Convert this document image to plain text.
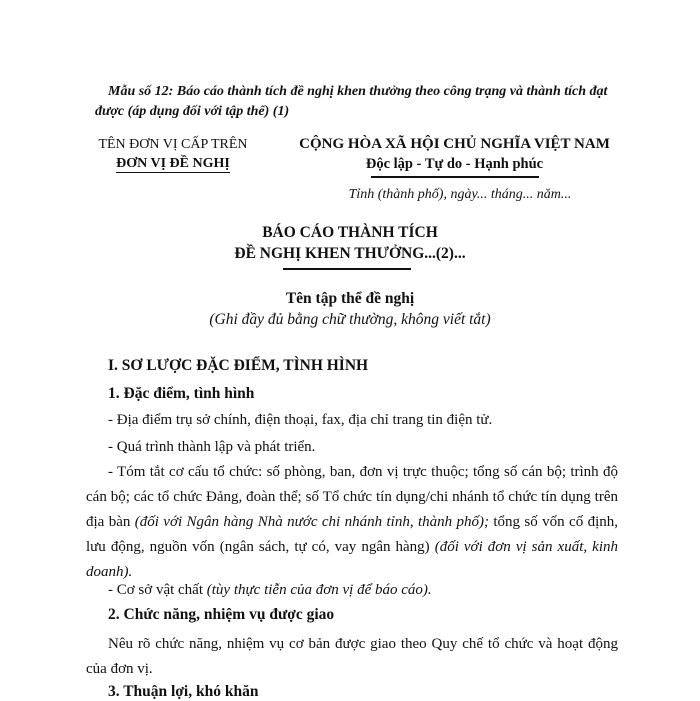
Mẫu số 12: Báo cáo thành tích đề nghị khen thưởng theo công trạng và thành tích đạt được (áp dụng đối với tập thể) (1)
TÊN ĐƠN VỊ CẤP TRÊN
ĐƠN VỊ ĐỀ NGHỊ
CỘNG HÒA XÃ HỘI CHỦ NGHĨA VIỆT NAM
Độc lập - Tự do - Hạnh phúc
Tỉnh (thành phố), ngày... tháng... năm...
BÁO CÁO THÀNH TÍCH
ĐỀ NGHỊ KHEN THƯỞNG...(2)...
Tên tập thể đề nghị
(Ghi đầy đủ bằng chữ thường, không viết tắt)
I. SƠ LƯỢC ĐẶC ĐIỂM, TÌNH HÌNH
1. Đặc điểm, tình hình
- Địa điểm trụ sở chính, điện thoại, fax, địa chỉ trang tin điện tử.
- Quá trình thành lập và phát triển.
- Tóm tắt cơ cấu tổ chức: số phòng, ban, đơn vị trực thuộc; tổng số cán bộ; trình độ cán bộ; các tổ chức Đảng, đoàn thể; số Tổ chức tín dụng/chi nhánh tổ chức tín dụng trên địa bàn (đối với Ngân hàng Nhà nước chi nhánh tỉnh, thành phố); tổng số vốn cố định, lưu động, nguồn vốn (ngân sách, tự có, vay ngân hàng) (đối với đơn vị sản xuất, kinh doanh).
- Cơ sở vật chất (tùy thực tiễn của đơn vị để báo cáo).
2. Chức năng, nhiệm vụ được giao
Nêu rõ chức năng, nhiệm vụ cơ bản được giao theo Quy chế tổ chức và hoạt động của đơn vị.
3. Thuận lợi, khó khăn
